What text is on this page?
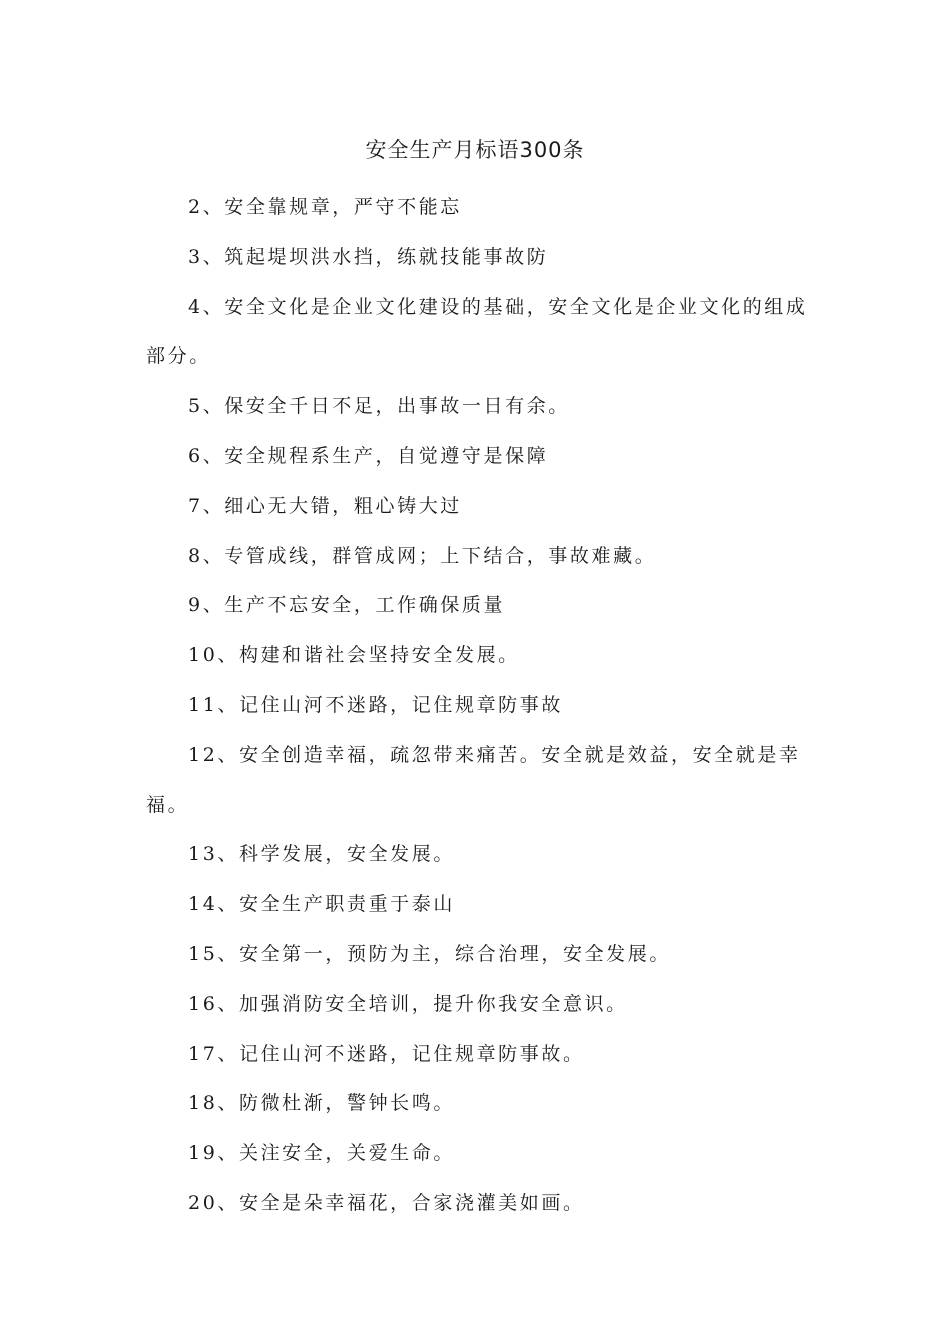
安全生产月标语300条

2、安全靠规章，严守不能忘

3、筑起堤坝洪水挡，练就技能事故防

4、安全文化是企业文化建设的基础，安全文化是企业文化的组成部分。

5、保安全千日不足，出事故一日有余。

6、安全规程系生产，自觉遵守是保障

7、细心无大错，粗心铸大过

8、专管成线，群管成网；上下结合，事故难藏。

9、生产不忘安全，工作确保质量

10、构建和谐社会坚持安全发展。

11、记住山河不迷路，记住规章防事故

12、安全创造幸福，疏忽带来痛苦。安全就是效益，安全就是幸福。

13、科学发展，安全发展。

14、安全生产职责重于泰山

15、安全第一，预防为主，综合治理，安全发展。

16、加强消防安全培训，提升你我安全意识。

17、记住山河不迷路，记住规章防事故。

18、防微杜渐，警钟长鸣。

19、关注安全，关爱生命。

20、安全是朵幸福花，合家浇灌美如画。
